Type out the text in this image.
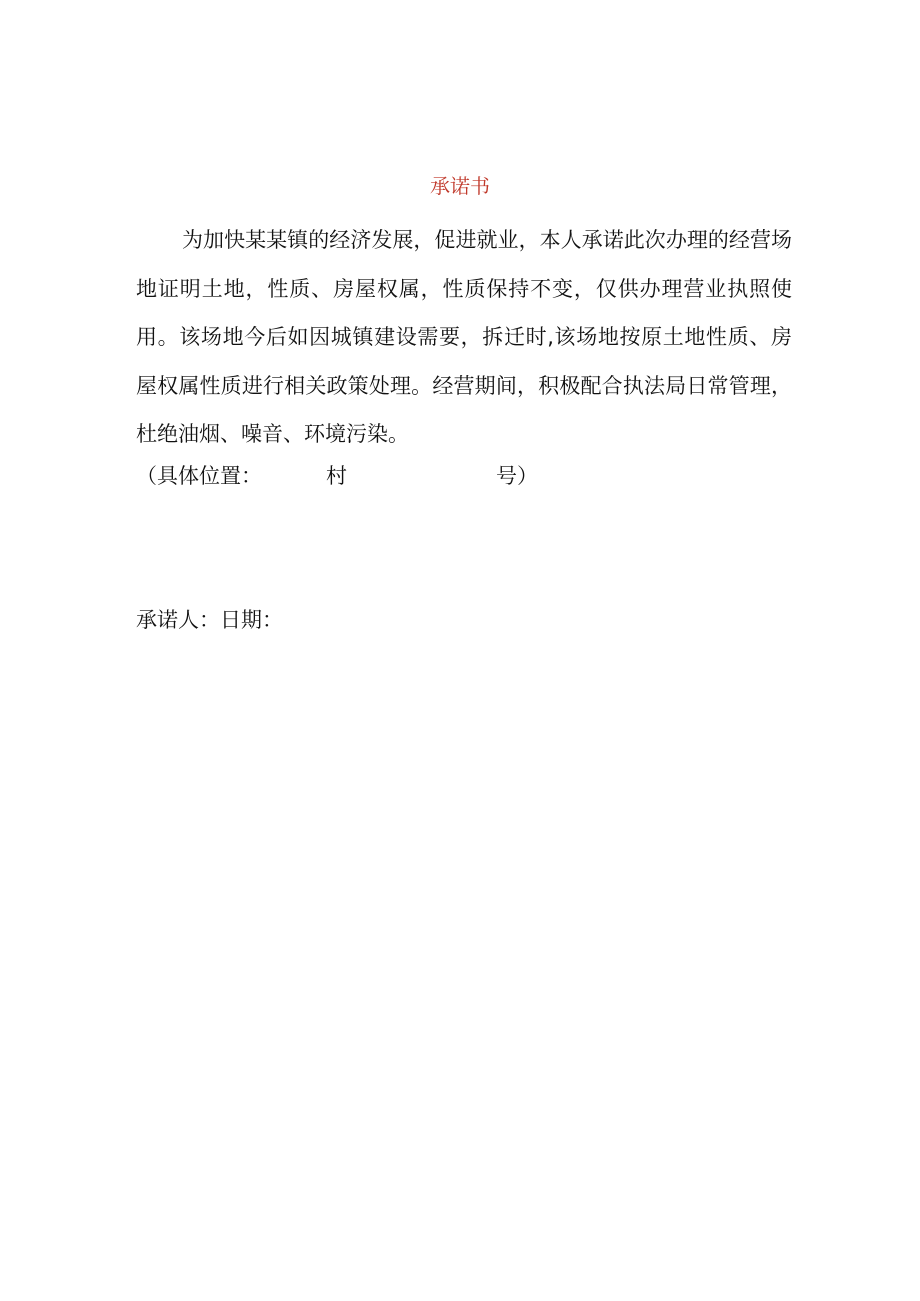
承诺书

为加快某某镇的经济发展，促进就业，本人承诺此次办理的经营场地证明土地，性质、房屋权属，性质保持不变，仅供办理营业执照使用。该场地今后如因城镇建设需要，拆迁时,该场地按原土地性质、房屋权属性质进行相关政策处理。经营期间，积极配合执法局日常管理，杜绝油烟、噪音、环境污染。

（具体位置：	村	号）
承诺人：日期：
